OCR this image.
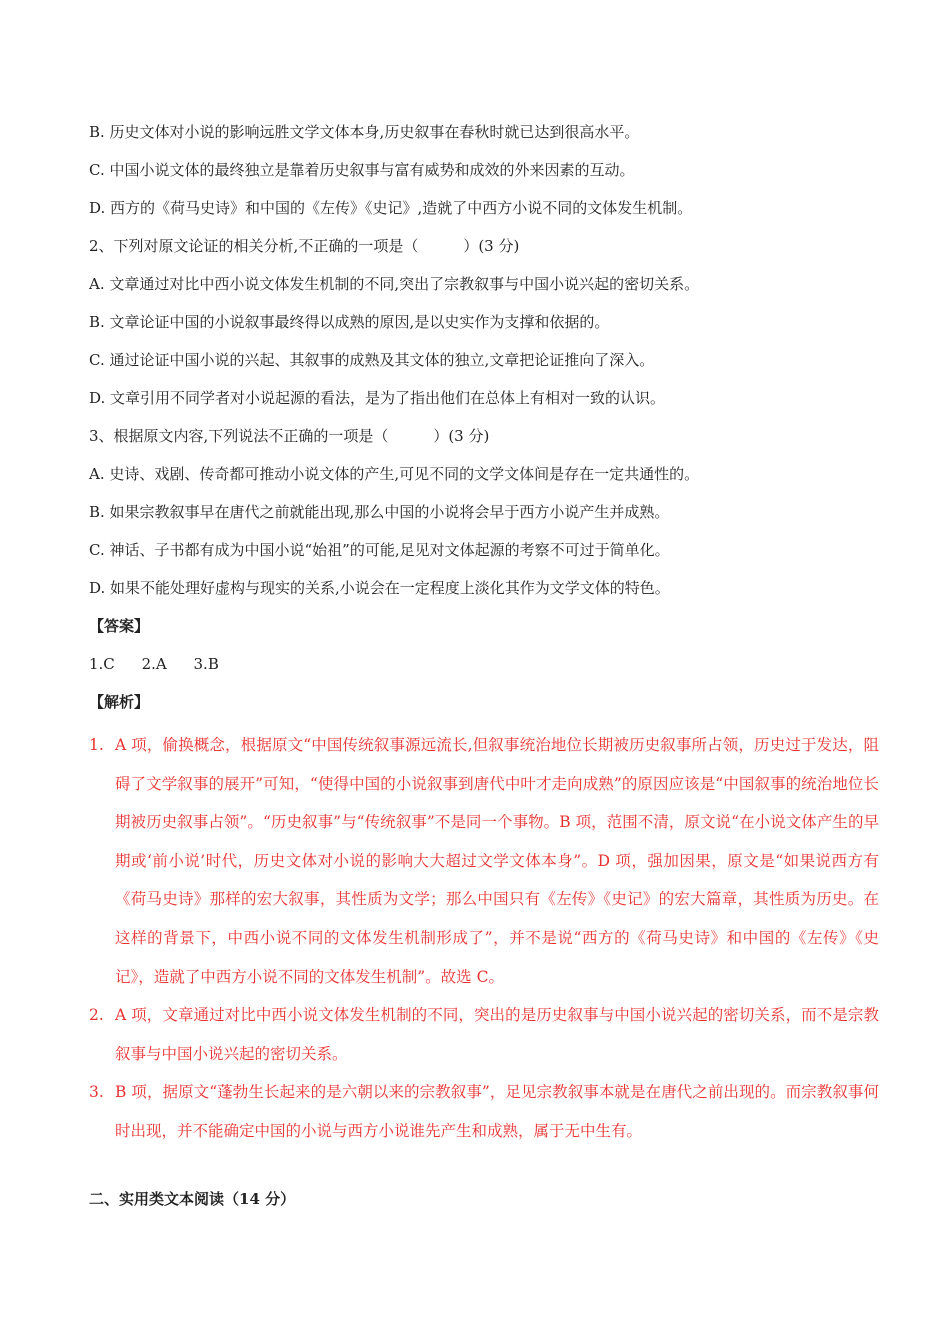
B. 历史文体对小说的影响远胜文学文体本身,历史叙事在春秋时就已达到很高水平。
C. 中国小说文体的最终独立是靠着历史叙事与富有威势和成效的外来因素的互动。
D. 西方的《荷马史诗》和中国的《左传》《史记》,造就了中西方小说不同的文体发生机制。
2、下列对原文论证的相关分析,不正确的一项是（　　　）(3 分)
A. 文章通过对比中西小说文体发生机制的不同,突出了宗教叙事与中国小说兴起的密切关系。
B. 文章论证中国的小说叙事最终得以成熟的原因,是以史实作为支撑和依据的。
C. 通过论证中国小说的兴起、其叙事的成熟及其文体的独立,文章把论证推向了深入。
D. 文章引用不同学者对小说起源的看法，是为了指出他们在总体上有相对一致的认识。
3、根据原文内容,下列说法不正确的一项是（　　　）(3 分)
A. 史诗、戏剧、传奇都可推动小说文体的产生,可见不同的文学文体间是存在一定共通性的。
B. 如果宗教叙事早在唐代之前就能出现,那么中国的小说将会早于西方小说产生并成熟。
C. 神话、子书都有成为中国小说“始祖”的可能,足见对文体起源的考察不可过于简单化。
D. 如果不能处理好虚构与现实的关系,小说会在一定程度上淡化其作为文学文体的特色。
【答案】
1.C 2.A 3.B
【解析】
1. A 项，偷换概念，根据原文“中国传统叙事源远流长,但叙事统治地位长期被历史叙事所占领，历史过于发达，阻碍了文学叙事的展开”可知，“使得中国的小说叙事到唐代中叶才走向成熟”的原因应该是“中国叙事的统治地位长期被历史叙事占领”。“历史叙事”与“传统叙事”不是同一个事物。B 项，范围不清，原文说“在小说文体产生的早期或‘前小说’时代，历史文体对小说的影响大大超过文学文体本身”。D 项，强加因果，原文是“如果说西方有《荷马史诗》那样的宏大叙事，其性质为文学；那么中国只有《左传》《史记》的宏大篇章，其性质为历史。在这样的背景下，中西小说不同的文体发生机制形成了”，并不是说“西方的《荷马史诗》和中国的《左传》《史记》，造就了中西方小说不同的文体发生机制”。故选 C。
2. A 项，文章通过对比中西小说文体发生机制的不同，突出的是历史叙事与中国小说兴起的密切关系，而不是宗教叙事与中国小说兴起的密切关系。
3. B 项，据原文“蓬勃生长起来的是六朝以来的宗教叙事”，足见宗教叙事本就是在唐代之前出现的。而宗教叙事何时出现，并不能确定中国的小说与西方小说谁先产生和成熟，属于无中生有。
二、实用类文本阅读（14 分）
